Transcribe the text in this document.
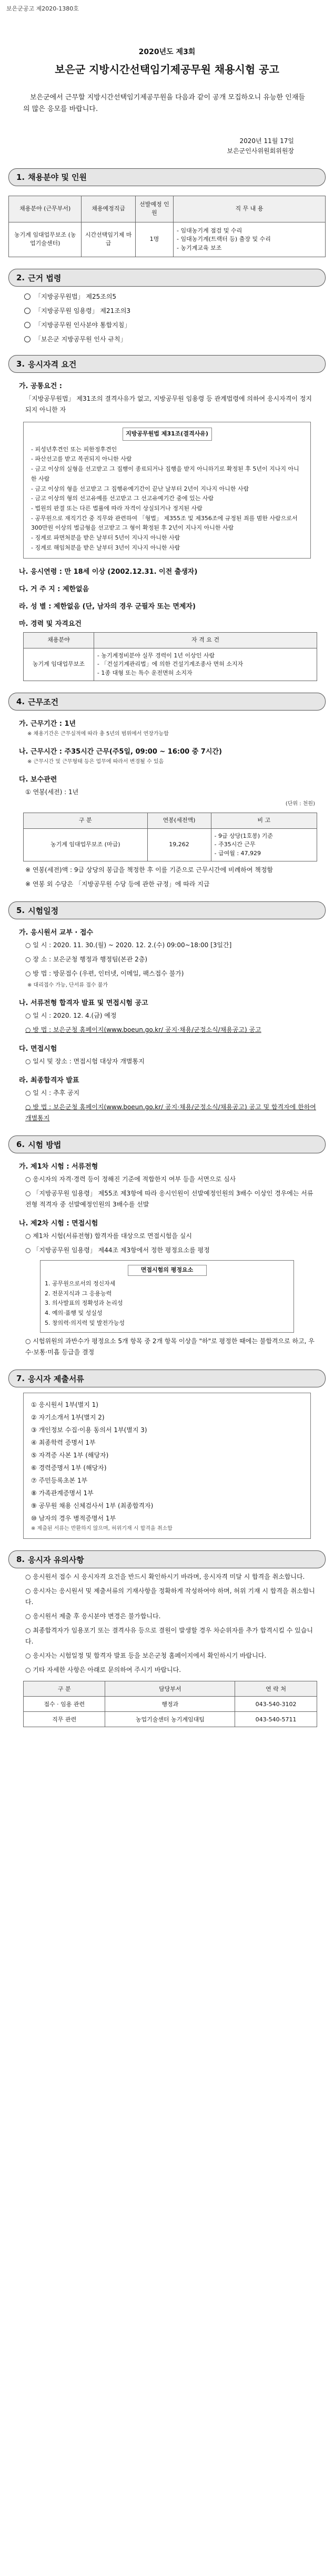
보은군공고 제2020-1380호
2020년도 제3회
보은군 지방시간선택임기제공무원 채용시험 공고
보은군에서 근무할 지방시간선택임기제공무원을 다음과 같이 공개 모집하오니 유능한 인재들의 많은 응모를 바랍니다.
2020년 11월 17일
보은군인사위원회위원장
1. 채용분야 및 인원
채용분야 (근무부서)	채용예정직급	선발예정 인원	직 무 내 용
농기계 임대업무보조 (농업기술센터)	시간선택임기제 마급	1명	- 임대농기계 점검 및 수리
- 임대농기계(트랙터 등) 출장 및 수리
- 농기계교육 보조
2. 근거 법령
「지방공무원법」 제25조의5
「지방공무원 임용령」 제21조의3
「지방공무원 인사분야 통합지침」
「보은군 지방공무원 인사 규칙」
3. 응시자격 요건
가. 공통요건 :
「지방공무원법」 제31조의 결격사유가 없고, 지방공무원 임용령 등 관계법령에 의하여 응시자격이 정지되지 아니한 자
지방공무원법 제31조(결격사유)
- 피성년후견인 또는 피한정후견인
- 파산선고를 받고 복권되지 아니한 사람
- 금고 이상의 실형을 선고받고 그 집행이 종료되거나 집행을 받지 아니하기로 확정된 후 5년이 지나지 아니한 사람
- 금고 이상의 형을 선고받고 그 집행유예기간이 끝난 날부터 2년이 지나지 아니한 사람
- 금고 이상의 형의 선고유예를 선고받고 그 선고유예기간 중에 있는 사람
- 법원의 판결 또는 다른 법률에 따라 자격이 상실되거나 정지된 사람
- 공무원으로 재직기간 중 직무와 관련하여 「형법」 제355조 및 제356조에 규정된 죄를 범한 사람으로서 300만원 이상의 벌금형을 선고받고 그 형이 확정된 후 2년이 지나지 아니한 사람
- 징계로 파면처분을 받은 날부터 5년이 지나지 아니한 사람
- 징계로 해임처분을 받은 날부터 3년이 지나지 아니한 사람
나. 응시연령 : 만 18세 이상 (2002.12.31. 이전 출생자)
다. 거 주 지 : 제한없음
라. 성 별 : 제한없음 (단, 남자의 경우 군필자 또는 면제자)
마. 경력 및 자격요건
채용분야	자 격 요 건
농기계 임대업무보조	- 농기계정비분야 실무 경력이 1년 이상인 사람
- 「건설기계관리법」에 의한 건설기계조종사 면허 소지자
- 1종 대형 또는 특수 운전면허 소지자
4. 근무조건
가. 근무기간 : 1년
※ 채용기간은 근무실적에 따라 총 5년의 범위에서 연장가능함
나. 근무시간 : 주35시간 근무(주5일, 09:00 ~ 16:00 중 7시간)
※ 근무시간 및 근무형태 등은 업무에 따라서 변경될 수 있음
다. 보수관련
① 연봉(세전) : 1년
(단위 : 천원)
구 분	연봉(세전액)	비 고
농기계 임대업무보조 (마급)	19,262	- 9급 상당(1호봉) 기준
- 주35시간 근무
- 급여월 : 47,929
※ 연봉(세전)액 : 9급 상당의 봉급을 책정한 후 이를 기준으로 근무시간에 비례하여 책정함
※ 연봉 외 수당은 「지방공무원 수당 등에 관한 규정」에 따라 지급
5. 시험일정
가. 응시원서 교부 · 접수
○ 일 시 : 2020. 11. 30.(월) ~ 2020. 12. 2.(수) 09:00~18:00 [3일간]
○ 장 소 : 보은군청 행정과 행정팀(본관 2층)
○ 방 법 : 방문접수 (우편, 인터넷, 이메일, 팩스접수 불가)
※ 대리접수 가능, 단서류 접수 불가
나. 서류전형 합격자 발표 및 면접시험 공고
○ 일 시 : 2020. 12. 4.(금) 예정
○ 방 법 : 보은군청 홈페이지(www.boeun.go.kr/ 공지·채용/군정소식/채용공고) 공고
다. 면접시험
○ 일시 및 장소 : 면접시험 대상자 개별통지
라. 최종합격자 발표
○ 일 시 : 추후 공지
○ 방 법 : 보은군청 홈페이지(www.boeun.go.kr/ 공지·채용/군정소식/채용공고) 공고 및 합격자에 한하여 개별통지
6. 시험 방법
가. 제1차 시험 : 서류전형
○ 응시자의 자격·경력 등이 정해진 기준에 적합한지 여부 등을 서면으로 심사
○ 「지방공무원 임용령」 제55조 제3항에 따라 응시인원이 선발예정인원의 3배수 이상인 경우에는 서류전형 적격자 중 선발예정인원의 3배수를 선발
나. 제2차 시험 : 면접시험
○ 제1차 시험(서류전형) 합격자를 대상으로 면접시험을 실시
○ 「지방공무원 임용령」 제44조 제3항에서 정한 평정요소를 평정
면접시험의 평정요소
1. 공무원으로서의 정신자세
2. 전문지식과 그 응용능력
3. 의사발표의 정확성과 논리성
4. 예의·품행 및 성실성
5. 창의력·의지력 및 발전가능성
○ 시험위원의 과반수가 평정요소 5개 항목 중 2개 항목 이상을 "하"로 평정한 때에는 불합격으로 하고, 우수·보통·미흡 등급을 결정
7. 응시자 제출서류
① 응시원서 1부(별지 1)
② 자기소개서 1부(별지 2)
③ 개인정보 수집·이용 동의서 1부(별지 3)
④ 최종학력 증명서 1부
⑤ 자격증 사본 1부 (해당자)
⑥ 경력증명서 1부 (해당자)
⑦ 주민등록초본 1부
⑧ 가족관계증명서 1부
⑨ 공무원 채용 신체검사서 1부 (최종합격자)
⑩ 남자의 경우 병적증명서 1부
※ 제출된 서류는 반환하지 않으며, 허위기재 시 합격을 취소함
8. 응시자 유의사항
○ 응시원서 접수 시 응시자격 요건을 반드시 확인하시기 바라며, 응시자격 미달 시 합격을 취소합니다.
○ 응시자는 응시원서 및 제출서류의 기재사항을 정확하게 작성하여야 하며, 허위 기재 시 합격을 취소합니다.
○ 응시원서 제출 후 응시분야 변경은 불가합니다.
○ 최종합격자가 임용포기 또는 결격사유 등으로 결원이 발생할 경우 차순위자를 추가 합격시킬 수 있습니다.
○ 응시자는 시험일정 및 합격자 발표 등을 보은군청 홈페이지에서 확인하시기 바랍니다.
○ 기타 자세한 사항은 아래로 문의하여 주시기 바랍니다.
구 분	담당부서	연 락 처
접수 · 임용 관련	행정과	043-540-3102
직무 관련	농업기술센터 농기계임대팀	043-540-5711
